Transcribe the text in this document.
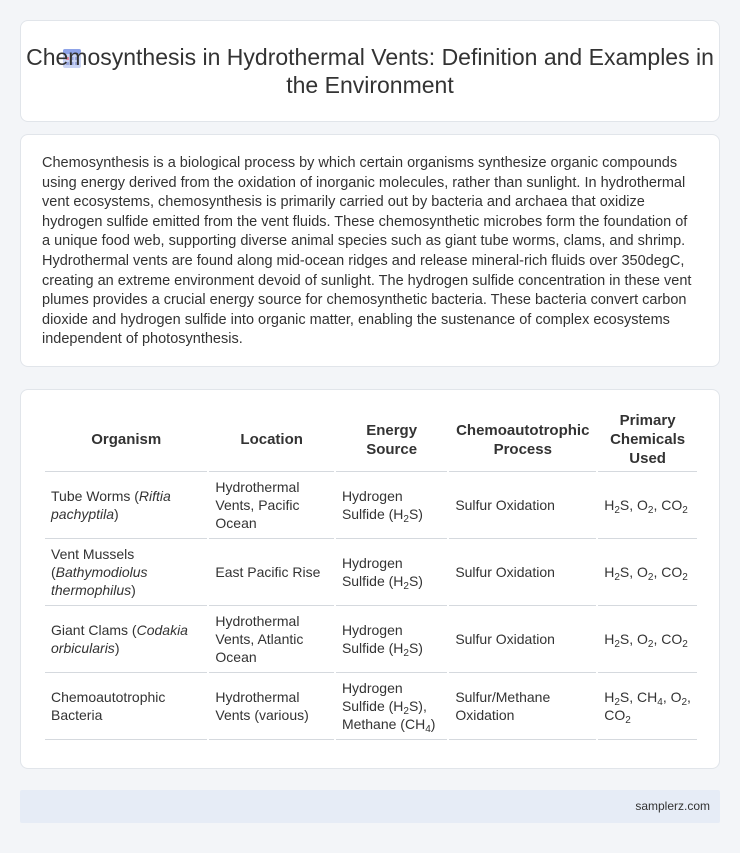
Chemosynthesis in Hydrothermal Vents: Definition and Examples in the Environment

Chemosynthesis is a biological process by which certain organisms synthesize organic compounds using energy derived from the oxidation of inorganic molecules, rather than sunlight. In hydrothermal vent ecosystems, chemosynthesis is primarily carried out by bacteria and archaea that oxidize hydrogen sulfide emitted from the vent fluids. These chemosynthetic microbes form the foundation of a unique food web, supporting diverse animal species such as giant tube worms, clams, and shrimp. Hydrothermal vents are found along mid-ocean ridges and release mineral-rich fluids over 350degC, creating an extreme environment devoid of sunlight. The hydrogen sulfide concentration in these vent plumes provides a crucial energy source for chemosynthetic bacteria. These bacteria convert carbon dioxide and hydrogen sulfide into organic matter, enabling the sustenance of complex ecosystems independent of photosynthesis.

Organism	Location	Energy Source	Chemoautotrophic Process	Primary Chemicals Used
Tube Worms (Riftia pachyptila)	Hydrothermal Vents, Pacific Ocean	Hydrogen Sulfide $(H_2S)$	Sulfur Oxidation	$H_2S$, $O_2$, $CO_2$
Vent Mussels (Bathymodiolus thermophilus)	East Pacific Rise	Hydrogen Sulfide $(H_2S)$	Sulfur Oxidation	$H_2S$, $O_2$, $CO_2$
Giant Clams (Codakia orbicularis)	Hydrothermal Vents, Atlantic Ocean	Hydrogen Sulfide $(H_2S)$	Sulfur Oxidation	$H_2S$, $O_2$, $CO_2$
Chemoautotrophic Bacteria	Hydrothermal Vents (various)	Hydrogen Sulfide $(H_2S)$, Methane $(CH_4)$	Sulfur/Methane Oxidation	$H_2S$, $CH_4$, $O_2$, $CO_2$
samplerz.com
